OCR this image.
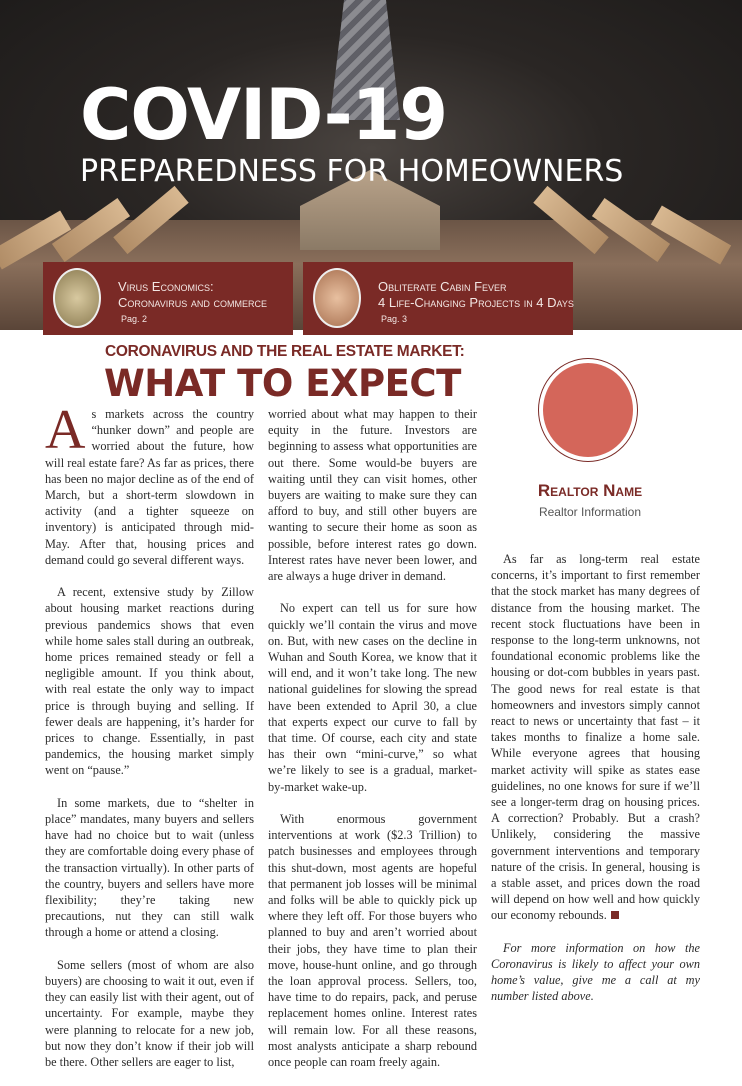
COVID-19
PREPAREDNESS FOR HOMEOWNERS
Virus Economics:
Coronavirus and commerce
Pag. 2
Obliterate Cabin Fever
4 Life-Changing Projects in 4 Days
Pag. 3
CORONAVIRUS AND THE REAL ESTATE MARKET:
WHAT TO EXPECT

As markets across the country “hunker down” and people are worried about the future, how will real estate fare? As far as prices, there has been no major decline as of the end of March, but a short-term slowdown in activity (and a tighter squeeze on inventory) is anticipated through mid-May. After that, housing prices and demand could go several different ways.

A recent, extensive study by Zillow about housing market reactions during previous pandemics shows that even while home sales stall during an outbreak, home prices remained steady or fell a negligible amount. If you think about, with real estate the only way to impact price is through buying and selling. If fewer deals are happening, it’s harder for prices to change. Essentially, in past pandemics, the housing market simply went on “pause.”

In some markets, due to “shelter in place” mandates, many buyers and sellers have had no choice but to wait (unless they are comfortable doing every phase of the transaction virtually). In other parts of the country, buyers and sellers have more flexibility; they’re taking new precautions, nut they can still walk through a home or attend a closing.

Some sellers (most of whom are also buyers) are choosing to wait it out, even if they can easily list with their agent, out of uncertainty. For example, maybe they were planning to relocate for a new job, but now they don’t know if their job will be there. Other sellers are eager to list,

worried about what may happen to their equity in the future. Investors are beginning to assess what opportunities are out there. Some would-be buyers are waiting until they can visit homes, other buyers are waiting to make sure they can afford to buy, and still other buyers are wanting to secure their home as soon as possible, before interest rates go down. Interest rates have never been lower, and are always a huge driver in demand.

No expert can tell us for sure how quickly we’ll contain the virus and move on. But, with new cases on the decline in Wuhan and South Korea, we know that it will end, and it won’t take long. The new national guidelines for slowing the spread have been extended to April 30, a clue that experts expect our curve to fall by that time. Of course, each city and state has their own “mini-curve,” so what we’re likely to see is a gradual, market-by-market wake-up.

With enormous government interventions at work ($2.3 Trillion) to patch businesses and employees through this shut-down, most agents are hopeful that permanent job losses will be minimal and folks will be able to quickly pick up where they left off. For those buyers who planned to buy and aren’t worried about their jobs, they have time to plan their move, house-hunt online, and go through the loan approval process. Sellers, too, have time to do repairs, pack, and peruse replacement homes online. Interest rates will remain low. For all these reasons, most analysts anticipate a sharp rebound once people can roam freely again.

Realtor Name
Realtor Information

As far as long-term real estate concerns, it’s important to first remember that the stock market has many degrees of distance from the housing market. The recent stock fluctuations have been in response to the long-term unknowns, not foundational economic problems like the housing or dot-com bubbles in years past. The good news for real estate is that homeowners and investors simply cannot react to news or uncertainty that fast – it takes months to finalize a home sale. While everyone agrees that housing market activity will spike as states ease guidelines, no one knows for sure if we’ll see a longer-term drag on housing prices. A correction? Probably. But a crash? Unlikely, considering the massive government interventions and temporary nature of the crisis. In general, housing is a stable asset, and prices down the road will depend on how well and how quickly our economy rebounds.

For more information on how the Coronavirus is likely to affect your own home’s value, give me a call at my number listed above.
